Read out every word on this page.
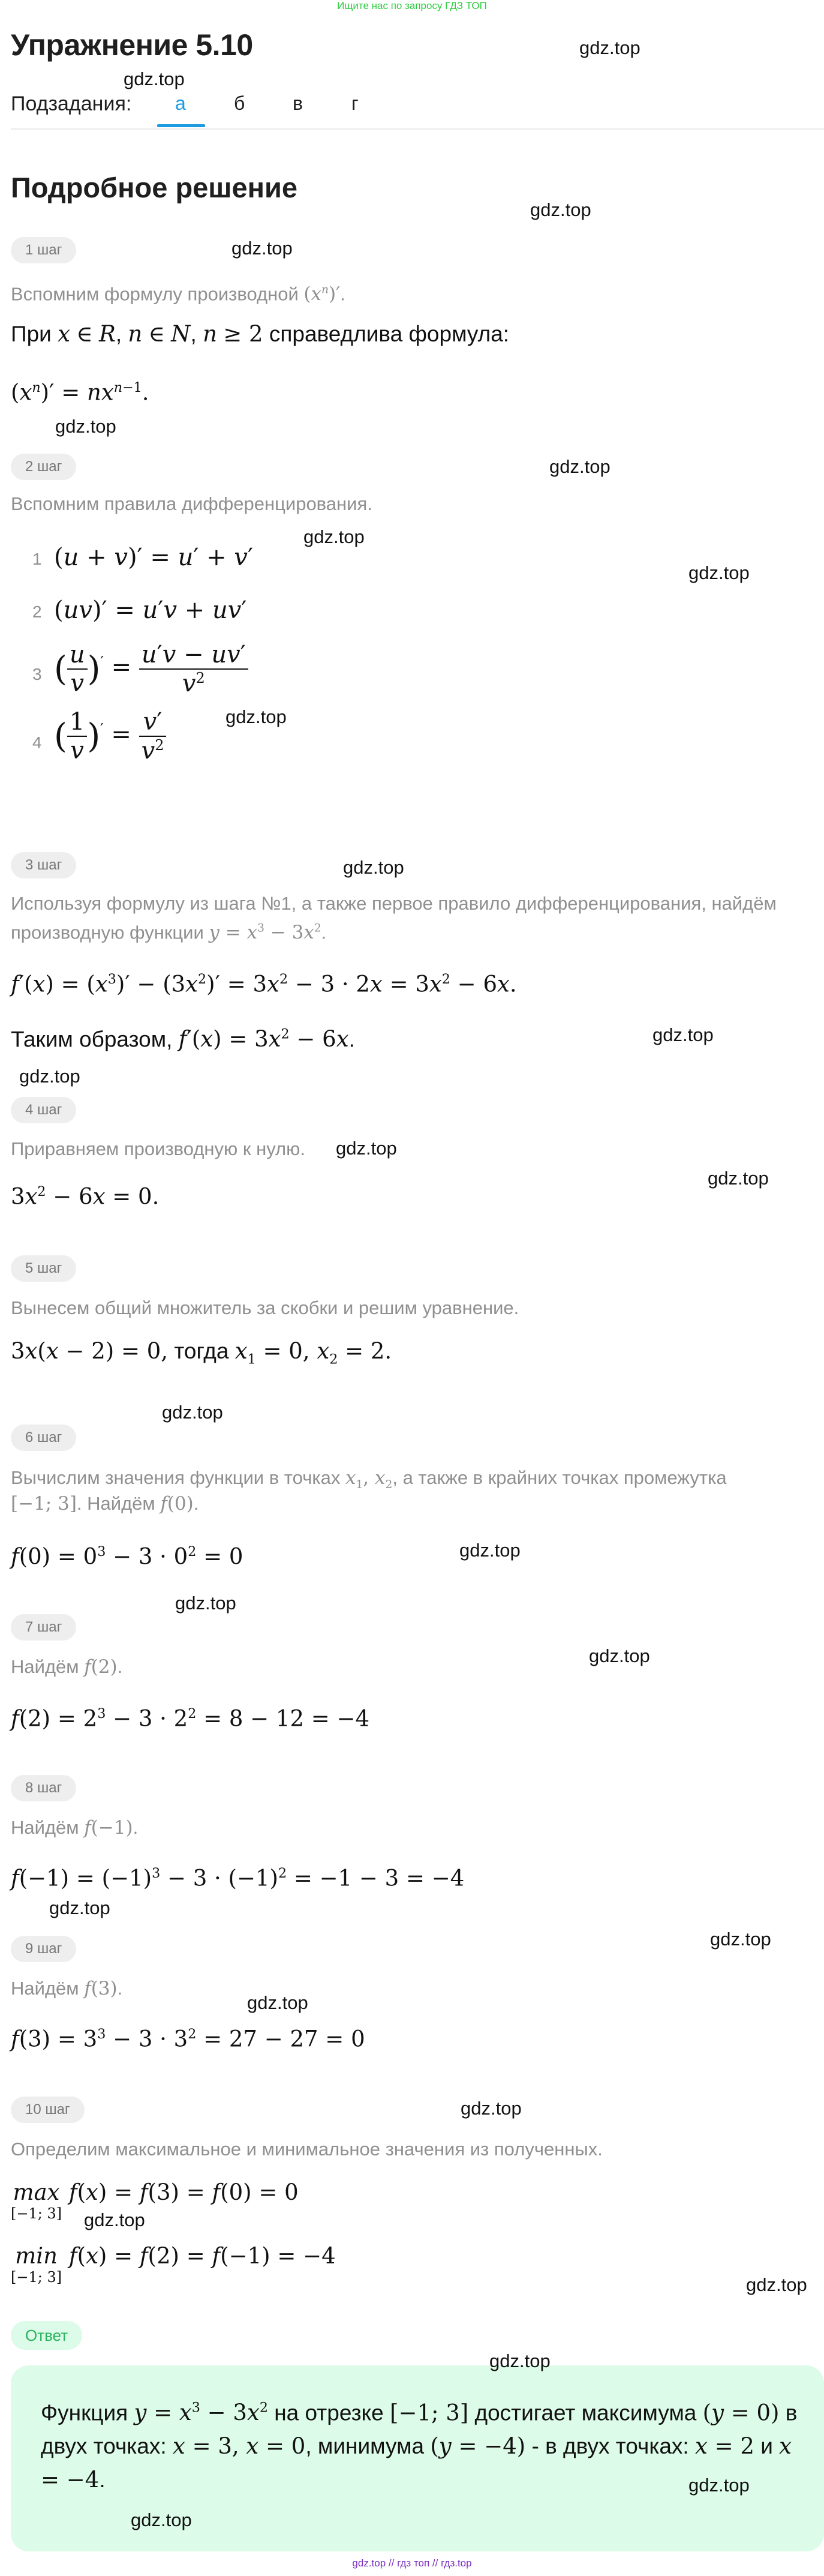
Ищите нас по запросу ГДЗ ТОП
Упражнение 5.10	gdz.top
gdz.top
Подзадания: а	б в	г
Подробное решение
gdz.top
1 шаг	gdz.top
Вспомним формулу производной $(x^n)'$.
При x ∈ R, n ∈ N, n ≥ 2 справедлива формула:
$(x^n)' = nx^{n-1}$.
gdz.top
2 шаг	gdz.top
Вспомним правила дифференцирования.
gdz.top
gdz.top
1 (u + v)′ = u′ + v′
2 (uv)′ = u′v + uv′
3 ( $\frac{u}{v} )' = \frac{u'v - uv'}{v^2}$
gdz.top
4 ( $\frac{1}{v} )' = \frac{v'}{v^2}$
3 шаг	gdz.top
Используя формулу из шага №1, а также первое правило дифференцирования, найдём
производную функции $y = x^3 - 3x^2$.
$f'(x) = (x^3)' - (3x^2)' = 3x^2 - 3 \cdot 2x = 3x^2 - 6x$.
Таким образом, $f'(x) = 3x^2 - 6x$.	gdz.top
gdz.top
4 шаг
Приравняем производную к нулю. gdz.top
gdz.top
$3x^2 - 6x = 0$.
5 шаг
Вынесем общий множитель за скобки и решим уравнение.
3x(x − 2) = 0, тогда $x_1 = 0$, $x_2 = 2$.
gdz.top
6 шаг
Вычислим значения функции в точках $x_1$, $x_2$, а также в крайних точках промежутка
[−1; 3]. Найдём f(0).
$f(0) = 0^3 - 3 \cdot 0^2 = 0$	gdz.top
gdz.top
7 шаг
gdz.top
Найдём f(2).
$f(2) = 2^3 - 3 \cdot 2^2 = 8 - 12 = -4$
8 шаг
Найдём f(−1).
$f(-1) = (-1)^3 - 3 \cdot (-1)^2 = -1 - 3 = -4$
gdz.top
9 шаг	gdz.top
Найдём f(3).
gdz.top
$f(3) = 3^3 - 3 \cdot 3^2 = 27 - 27 = 0$
10 шаг	gdz.top
Определим максимальное и минимальное значения из полученных.
max
[−1; 3]
f(x) = f(3) = f(0) = 0
gdz.top
min
[−1; 3]
f(x) = f(2) = f(−1) = −4
gdz.top
Ответ
gdz.top
Функция $y = x^3 - 3x^2$ на отрезке [−1; 3] достигает максимума (y = 0) в двух точках: x = 3, x = 0, минимума (y = −4) - в двух точках: x = 2 и x = −4.	gdz.top
gdz.top
gdz.top // гдз топ // гдз.top
